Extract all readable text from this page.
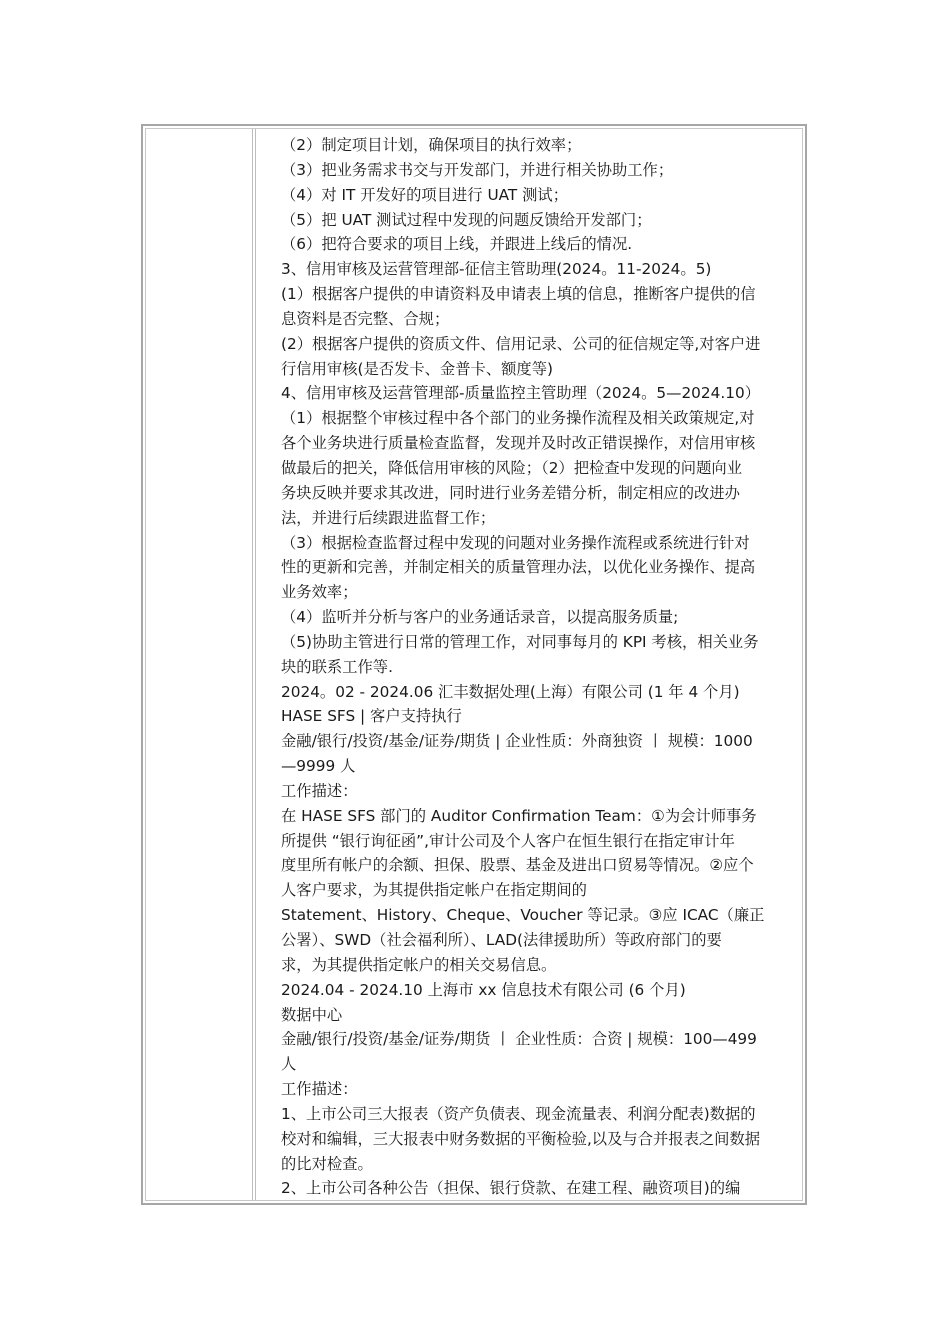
（2）制定项目计划，确保项目的执行效率；
（3）把业务需求书交与开发部门，并进行相关协助工作；
（4）对 IT 开发好的项目进行 UAT 测试；
（5）把 UAT 测试过程中发现的问题反馈给开发部门；
（6）把符合要求的项目上线，并跟进上线后的情况.
3、信用审核及运营管理部-征信主管助理(2024。11-2024。5)
(1）根据客户提供的申请资料及申请表上填的信息，推断客户提供的信
息资料是否完整、合规；
(2）根据客户提供的资质文件、信用记录、公司的征信规定等,对客户进
行信用审核(是否发卡、金普卡、额度等)
4、信用审核及运营管理部-质量监控主管助理（2024。5—2024.10）
（1）根据整个审核过程中各个部门的业务操作流程及相关政策规定,对
各个业务块进行质量检查监督，发现并及时改正错误操作，对信用审核
做最后的把关，降低信用审核的风险；（2）把检查中发现的问题向业
务块反映并要求其改进，同时进行业务差错分析，制定相应的改进办
法，并进行后续跟进监督工作；
（3）根据检查监督过程中发现的问题对业务操作流程或系统进行针对
性的更新和完善，并制定相关的质量管理办法，以优化业务操作、提高
业务效率；
（4）监听并分析与客户的业务通话录音，以提高服务质量;
（5)协助主管进行日常的管理工作，对同事每月的 KPI 考核，相关业务
块的联系工作等.
2024。02 - 2024.06 汇丰数据处理(上海）有限公司 (1 年 4 个月)
HASE SFS | 客户支持执行
金融/银行/投资/基金/证券/期货 | 企业性质：外商独资 丨 规模：1000
—9999 人
工作描述：
在 HASE SFS 部门的 Auditor Confirmation Team：①为会计师事务
所提供 “银行询征函”,审计公司及个人客户在恒生银行在指定审计年
度里所有帐户的余额、担保、股票、基金及进出口贸易等情况。②应个
人客户要求，为其提供指定帐户在指定期间的
Statement、History、Cheque、Voucher 等记录。③应 ICAC（廉正
公署）、SWD（社会福利所）、LAD(法律援助所）等政府部门的要
求，为其提供指定帐户的相关交易信息。
2024.04 - 2024.10 上海市 xx 信息技术有限公司 (6 个月)
数据中心
金融/银行/投资/基金/证券/期货 丨 企业性质：合资 | 规模：100—499
人
工作描述：
1、上市公司三大报表（资产负债表、现金流量表、利润分配表)数据的
校对和编辑，三大报表中财务数据的平衡检验,以及与合并报表之间数据
的比对检查。
2、上市公司各种公告（担保、银行贷款、在建工程、融资项目)的编
